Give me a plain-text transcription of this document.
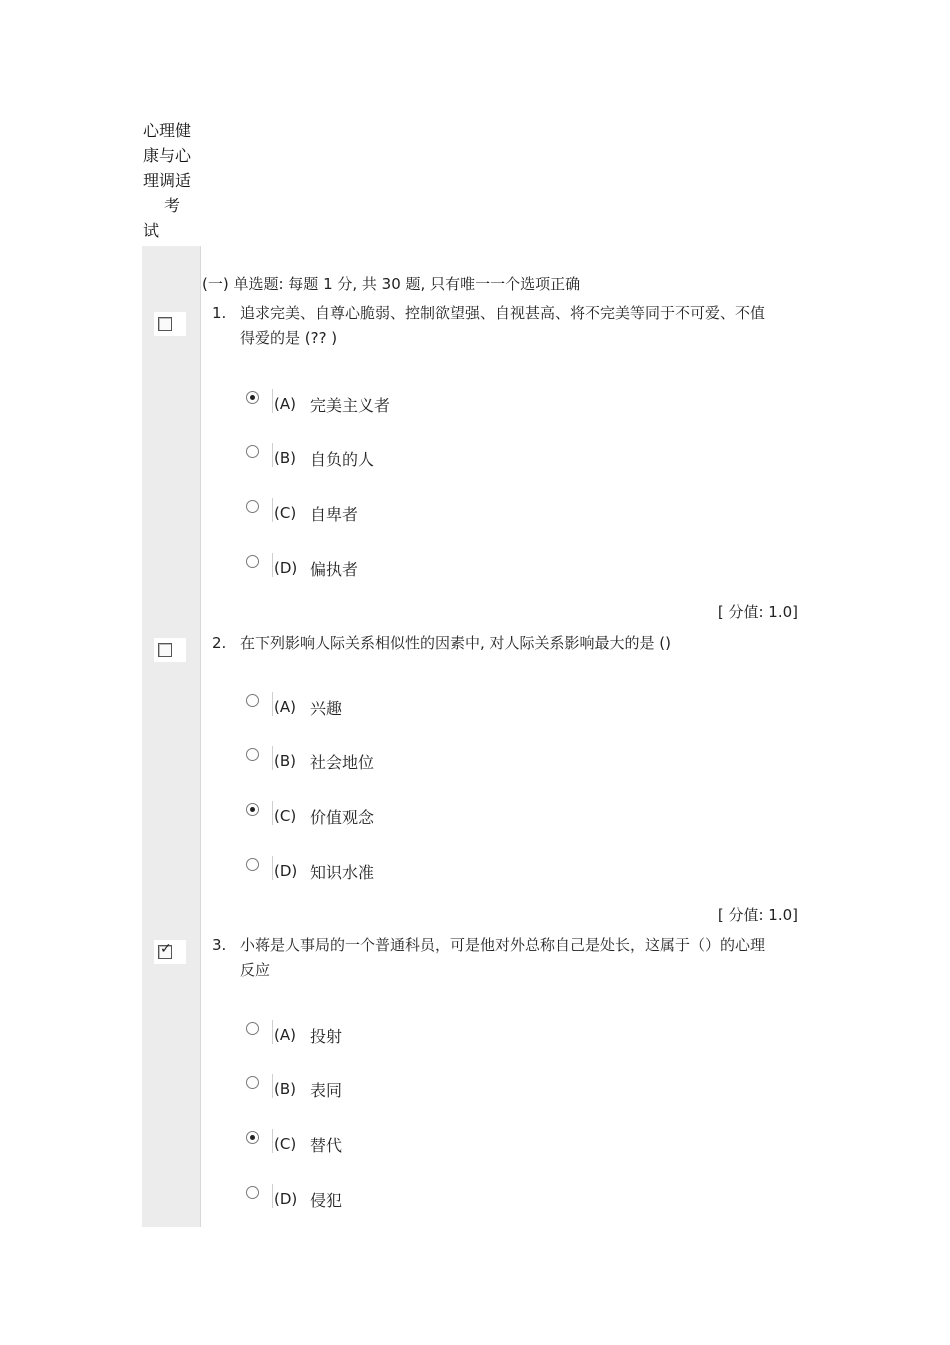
心理健
康与心
理调适
考
试
(一) 单选题: 每题 1 分, 共 30 题, 只有唯一一个选项正确
1. 追求完美、自尊心脆弱、控制欲望强、自视甚高、将不完美等同于不可爱、不值得爱的是 (?? )
(A) 完美主义者
(B) 自负的人
(C) 自卑者
(D) 偏执者
[ 分值: 1.0]
2. 在下列影响人际关系相似性的因素中, 对人际关系影响最大的是 ()
(A) 兴趣
(B) 社会地位
(C) 价值观念
(D) 知识水准
[ 分值: 1.0]
✓	3. 小蒋是人事局的一个普通科员，可是他对外总称自己是处长，这属于（）的心理反应
(A) 投射
(B) 表同
(C) 替代
(D) 侵犯
